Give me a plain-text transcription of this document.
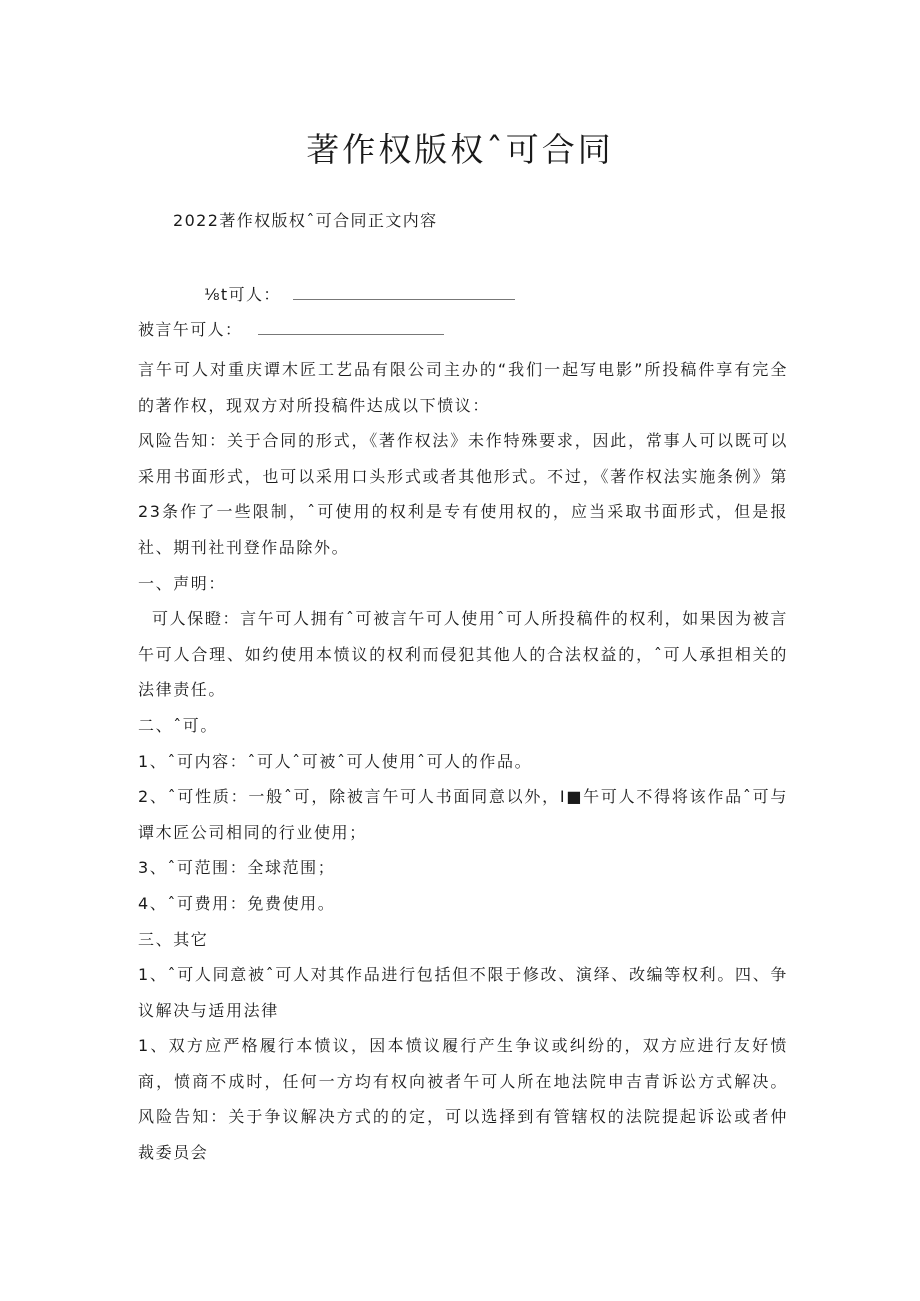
著作权版权ˆ可合同
2022著作权版权ˆ可合同正文内容
⅛t可人：
被言午可人：

言午可人对重庆谭木匠工艺品有限公司主办的“我们一起写电影”所投稿件享有完全的著作权，现双方对所投稿件达成以下愤议：

风险告知：关于合同的形式，《著作权法》未作特殊要求，因此，常事人可以既可以采用书面形式，也可以采用口头形式或者其他形式。不过，《著作权法实施条例》第23条作了一些限制，ˆ可使用的权利是专有使用权的，应当采取书面形式，但是报社、期刊社刊登作品除外。

一、声明：

可人保瞪：言午可人拥有ˆ可被言午可人使用ˆ可人所投稿件的权利，如果因为被言午可人合理、如约使用本愤议的权利而侵犯其他人的合法权益的，ˆ可人承担相关的法律责任。

二、ˆ可。

1、ˆ可内容：ˆ可人ˆ可被ˆ可人使用ˆ可人的作品。

2、ˆ可性质：一般ˆ可，除被言午可人书面同意以外，I■午可人不得将该作品ˆ可与谭木匠公司相同的行业使用；

3、ˆ可范围：全球范围；

4、ˆ可费用：免费使用。

三、其它

1、ˆ可人同意被ˆ可人对其作品进行包括但不限于修改、演绎、改编等权利。四、争议解决与适用法律

1、双方应严格履行本愤议，因本愤议履行产生争议或纠纷的，双方应进行友好愤商，愤商不成时，任何一方均有权向被者午可人所在地法院申吉青诉讼方式解决。风险告知：关于争议解决方式的的定，可以选择到有管辖权的法院提起诉讼或者仲裁委员会
